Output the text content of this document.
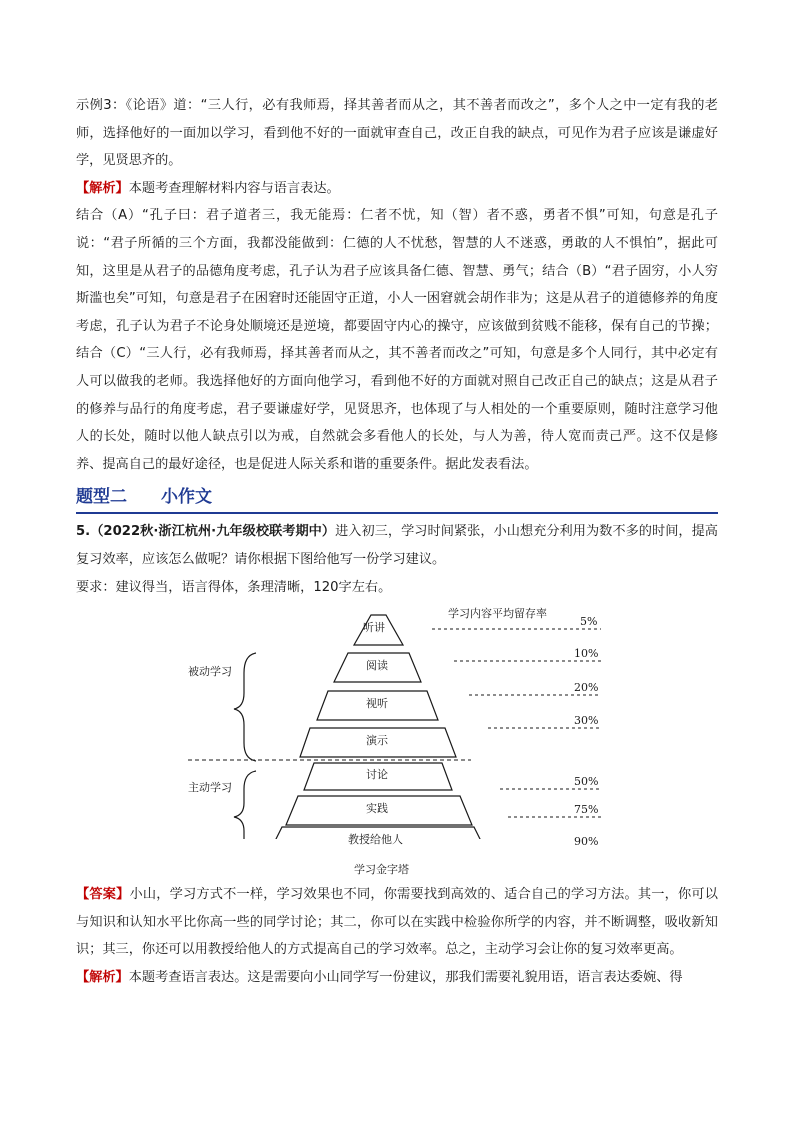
示例3：《论语》道：“三人行，必有我师焉，择其善者而从之，其不善者而改之”，多个人之中一定有我的老师，选择他好的一面加以学习，看到他不好的一面就审查自己，改正自我的缺点，可见作为君子应该是谦虚好学，见贤思齐的。

【解析】本题考查理解材料内容与语言表达。

结合（A）“孔子曰：君子道者三，我无能焉：仁者不忧，知（智）者不惑，勇者不惧”可知，句意是孔子说：“君子所循的三个方面，我都没能做到：仁德的人不忧愁，智慧的人不迷惑，勇敢的人不惧怕”，据此可知，这里是从君子的品德角度考虑，孔子认为君子应该具备仁德、智慧、勇气；结合（B）“君子固穷，小人穷斯滥也矣”可知，句意是君子在困窘时还能固守正道，小人一困窘就会胡作非为；这是从君子的道德修养的角度考虑，孔子认为君子不论身处顺境还是逆境，都要固守内心的操守，应该做到贫贱不能移，保有自己的节操；结合（C）“三人行，必有我师焉，择其善者而从之，其不善者而改之”可知，句意是多个人同行，其中必定有人可以做我的老师。我选择他好的方面向他学习，看到他不好的方面就对照自己改正自己的缺点；这是从君子的修养与品行的角度考虑，君子要谦虚好学，见贤思齐，也体现了与人相处的一个重要原则，随时注意学习他人的长处，随时以他人缺点引以为戒，自然就会多看他人的长处，与人为善，待人宽而责己严。这不仅是修养、提高自己的最好途径，也是促进人际关系和谐的重要条件。据此发表看法。

题型二 小作文

5.（2022秋·浙江杭州·九年级校联考期中）进入初三，学习时间紧张，小山想充分利用为数不多的时间，提高复习效率，应该怎么做呢？请你根据下图给他写一份学习建议。

要求：建议得当，语言得体，条理清晰，120字左右。

学习内容平均留存率
被动学习
主动学习
听讲
阅读
视听
演示
讨论
实践
教授给他人
5%
10%
20%
30%
50%
75%
90%
学习金字塔

【答案】小山，学习方式不一样，学习效果也不同，你需要找到高效的、适合自己的学习方法。其一，你可以与知识和认知水平比你高一些的同学讨论；其二，你可以在实践中检验你所学的内容，并不断调整，吸收新知识；其三，你还可以用教授给他人的方式提高自己的学习效率。总之，主动学习会让你的复习效率更高。

【解析】本题考查语言表达。这是需要向小山同学写一份建议，那我们需要礼貌用语，语言表达委婉、得
